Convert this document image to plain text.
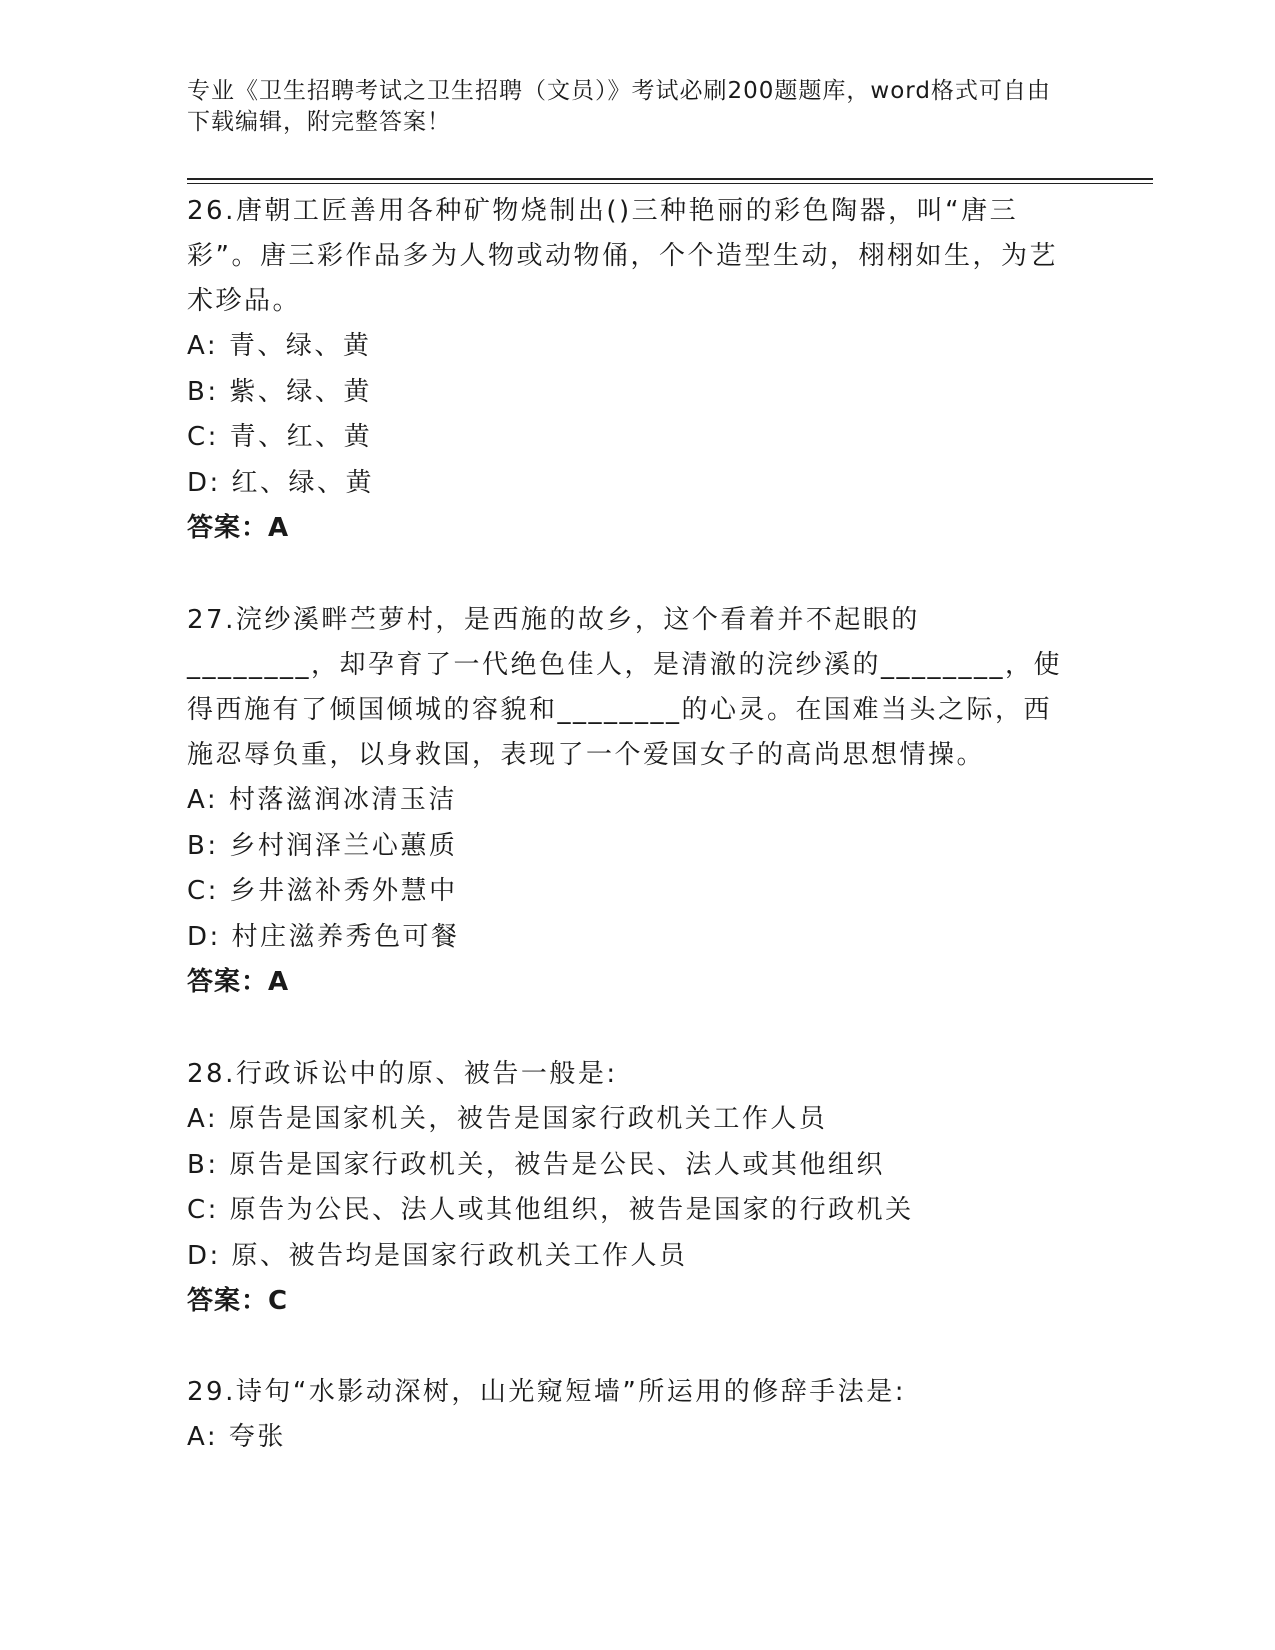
专业《卫生招聘考试之卫生招聘（文员）》考试必刷200题题库，word格式可自由下载编辑，附完整答案！

26.唐朝工匠善用各种矿物烧制出()三种艳丽的彩色陶器，叫“唐三彩”。唐三彩作品多为人物或动物俑，个个造型生动，栩栩如生，为艺术珍品。

A: 青、绿、黄

B: 紫、绿、黄

C: 青、红、黄

D: 红、绿、黄

答案：A

27.浣纱溪畔苎萝村，是西施的故乡，这个看着并不起眼的________，却孕育了一代绝色佳人，是清澈的浣纱溪的________，使得西施有了倾国倾城的容貌和________的心灵。在国难当头之际，西施忍辱负重，以身救国，表现了一个爱国女子的高尚思想情操。

A: 村落滋润冰清玉洁

B: 乡村润泽兰心蕙质

C: 乡井滋补秀外慧中

D: 村庄滋养秀色可餐

答案：A

28.行政诉讼中的原、被告一般是:

A: 原告是国家机关，被告是国家行政机关工作人员

B: 原告是国家行政机关，被告是公民、法人或其他组织

C: 原告为公民、法人或其他组织，被告是国家的行政机关

D: 原、被告均是国家行政机关工作人员

答案：C

29.诗句“水影动深树，山光窥短墙”所运用的修辞手法是:

A: 夸张
